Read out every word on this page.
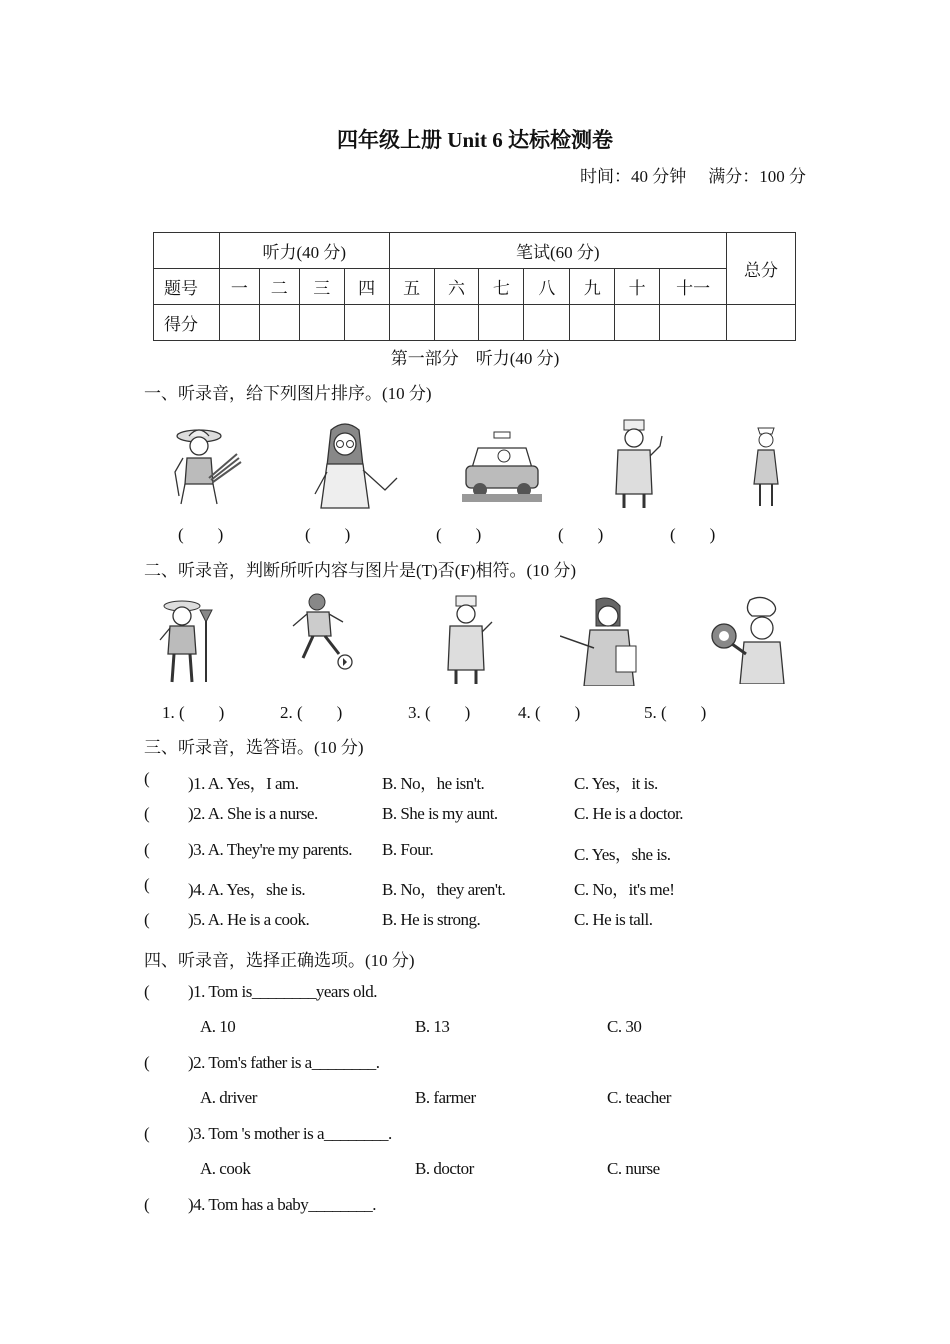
四年级上册 Unit 6 达标检测卷
时间：40 分钟 满分：100 分
	听力(40 分)				笔试(60 分)							总分
题号	一	二	三	四	五	六	七	八	九	十	十一	
得分												
第一部分　听力(40 分)
一、听录音，给下列图片排序。(10 分)
(　　)	(　　)	(　　)	(　　)	(　　)
二、听录音，判断所听内容与图片是(T)否(F)相符。(10 分)
1. (　　)	2. (　　)	3. (　　)	4. (　　)	5. (　　)
三、听录音，选答语。(10 分)
( )1. A. Yes，I am.	B. No，he isn't.	C. Yes，it is.
( )2. A. She is a nurse.	B. She is my aunt.	C. He is a doctor.
( )3. A. They're my parents. B. Four.	C. Yes，she is.
( )4. A. Yes，she is.	B. No，they aren't.	C. No，it's me!
( )5. A. He is a cook.	B. He is strong.	C. He is tall.
四、听录音，选择正确选项。(10 分)
( )1. Tom is________years old.
A. 10	B. 13	C. 30
( )2. Tom's father is a________.
A. driver	B. farmer	C. teacher
( )3. Tom 's mother is a________.
A. cook	B. doctor	C. nurse
( )4. Tom has a baby________.
